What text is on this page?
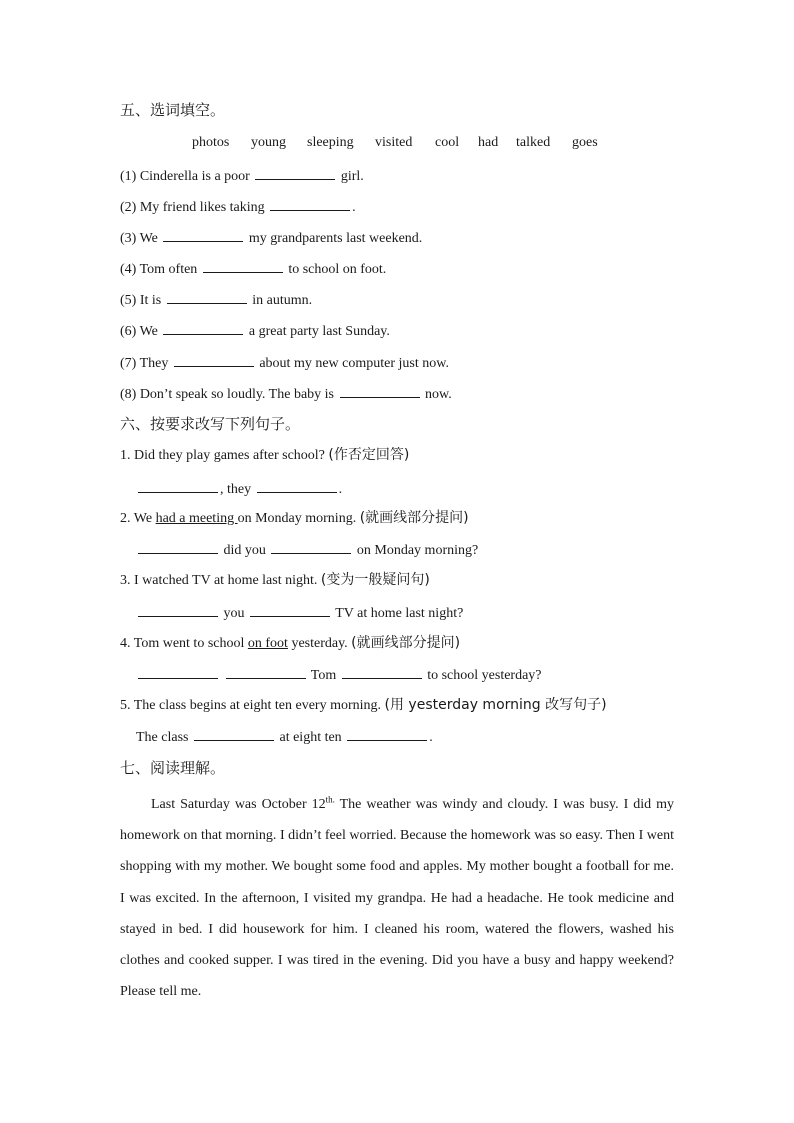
五、选词填空。
photos young sleeping visited cool had talked goes
(1) Cinderella is a poor	girl.
(2) My friend likes taking	.
(3) We	my grandparents last weekend.
(4) Tom often	to school on foot.
(5) It is	in autumn.
(6) We	a great party last Sunday.
(7) They	about my new computer just now.
(8) Don’t speak so loudly. The baby is	now.
六、按要求改写下列句子。
1. Did they play games after school? (作否定回答)
, they	.
2. We had a meeting on Monday morning. (就画线部分提问)
did you	on Monday morning?
3. I watched TV at home last night. (变为一般疑问句)
you	TV at home last night?
4. Tom went to school on foot yesterday. (就画线部分提问)
Tom	to school yesterday?
5. The class begins at eight ten every morning. (用 yesterday morning 改写句子)
The class	at eight ten	.
七、阅读理解。
Last Saturday was October $12^{th.}$ The weather was windy and cloudy. I was busy. I did my homework on that morning. I didn’t feel worried. Because the homework was so easy. Then I went shopping with my mother. We bought some food and apples. My mother bought a football for me. I was excited. In the afternoon, I visited my grandpa. He had a headache. He took medicine and stayed in bed. I did housework for him. I cleaned his room, watered the flowers, washed his clothes and cooked supper. I was tired in the evening. Did you have a busy and happy weekend? Please tell me.
